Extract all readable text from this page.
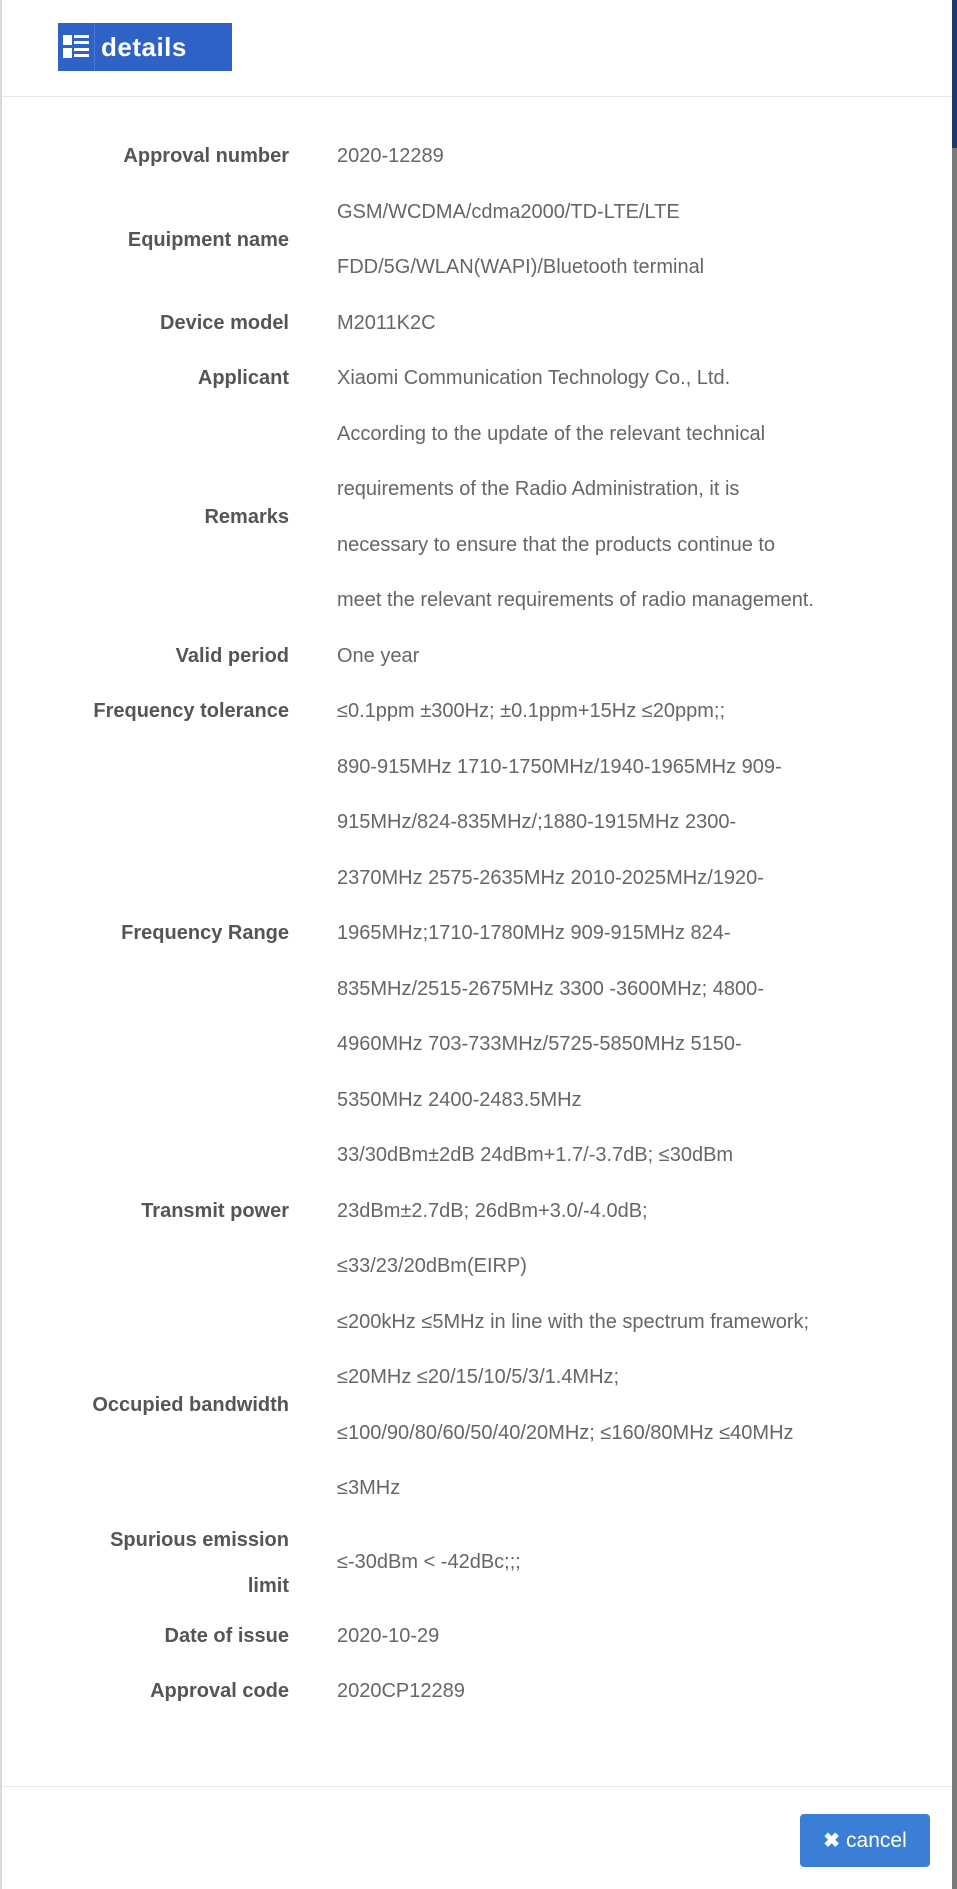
details
Approval number 2020-12289
Equipment name
GSM/WCDMA/cdma2000/TD-LTE/LTE
FDD/5G/WLAN(WAPI)/Bluetooth terminal
Device model M2011K2C
Applicant Xiaomi Communication Technology Co., Ltd.
Remarks
According to the update of the relevant technical
requirements of the Radio Administration, it is
necessary to ensure that the products continue to
meet the relevant requirements of radio management.
Valid period One year
Frequency tolerance ≤0.1ppm ±300Hz; ±0.1ppm+15Hz ≤20ppm;;
Frequency Range
890-915MHz 1710-1750MHz/1940-1965MHz 909-
915MHz/824-835MHz/;1880-1915MHz 2300-
2370MHz 2575-2635MHz 2010-2025MHz/1920-
1965MHz;1710-1780MHz 909-915MHz 824-
835MHz/2515-2675MHz 3300 -3600MHz; 4800-
4960MHz 703-733MHz/5725-5850MHz 5150-
5350MHz 2400-2483.5MHz
Transmit power
33/30dBm±2dB 24dBm+1.7/-3.7dB; ≤30dBm
23dBm±2.7dB; 26dBm+3.0/-4.0dB;
≤33/23/20dBm(EIRP)
Occupied bandwidth
≤200kHz ≤5MHz in line with the spectrum framework;
≤20MHz ≤20/15/10/5/3/1.4MHz;
≤100/90/80/60/50/40/20MHz; ≤160/80MHz ≤40MHz
≤3MHz
Spurious emission
limit
≤-30dBm < -42dBc;;;
Date of issue 2020-10-29
Approval code 2020CP12289
✖ cancel
